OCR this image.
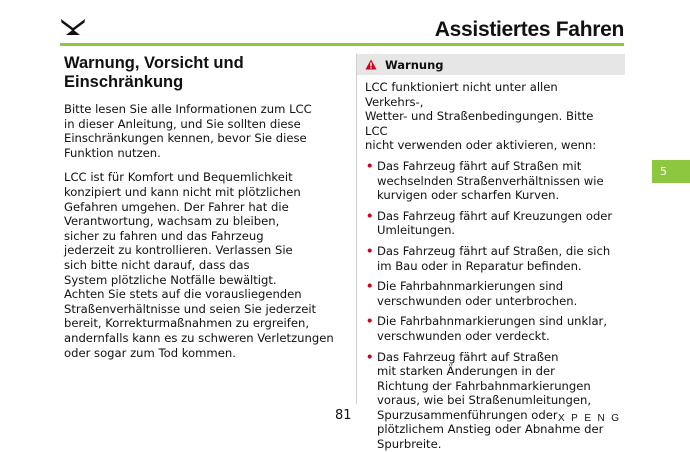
Assistiertes Fahren
Warnung, Vorsicht und
Einschränkung

Bitte lesen Sie alle Informationen zum LCC
in dieser Anleitung, und Sie sollten diese
Einschränkungen kennen, bevor Sie diese
Funktion nutzen.

LCC ist für Komfort und Bequemlichkeit
konzipiert und kann nicht mit plötzlichen
Gefahren umgehen. Der Fahrer hat die
Verantwortung, wachsam zu bleiben,
sicher zu fahren und das Fahrzeug
jederzeit zu kontrollieren. Verlassen Sie
sich bitte nicht darauf, dass das
System plötzliche Notfälle bewältigt.
Achten Sie stets auf die vorausliegenden
Straßenverhältnisse und seien Sie jederzeit
bereit, Korrekturmaßnahmen zu ergreifen,
andernfalls kann es zu schweren Verletzungen
oder sogar zum Tod kommen.

Warnung

LCC funktioniert nicht unter allen Verkehrs-,
Wetter- und Straßenbedingungen. Bitte LCC
nicht verwenden oder aktivieren, wenn:

• Das Fahrzeug fährt auf Straßen mit
wechselnden Straßenverhältnissen wie
kurvigen oder scharfen Kurven.
• Das Fahrzeug fährt auf Kreuzungen oder
Umleitungen.
• Das Fahrzeug fährt auf Straßen, die sich
im Bau oder in Reparatur befinden.
• Die Fahrbahnmarkierungen sind
verschwunden oder unterbrochen.
• Die Fahrbahnmarkierungen sind unklar,
verschwunden oder verdeckt.
• Das Fahrzeug fährt auf Straßen
mit starken Änderungen in der
Richtung der Fahrbahnmarkierungen
voraus, wie bei Straßenumleitungen,
Spurzusammenführungen oder
plötzlichem Anstieg oder Abnahme der
Spurbreite.
5
81	XPENG
